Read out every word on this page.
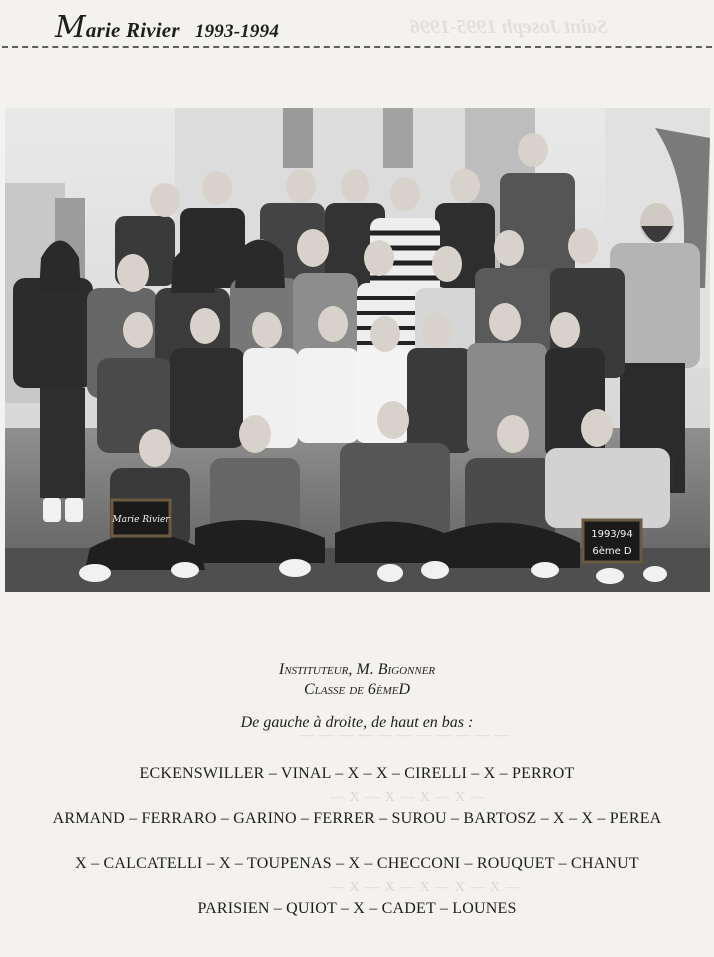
Saint Joseph 1995-1996
Marie Rivier 1993-1994
Marie Rivier
1993/94
6ème D
— — — — — — — — — — —
— X — X — X — X —
— X — X — X — X — X —
Instituteur, M. Bigonner
Classe de 6èmeD
De gauche à droite, de haut en bas :
ECKENSWILLER – VINAL – X – X – CIRELLI – X – PERROT
ARMAND – FERRARO – GARINO – FERRER – SUROU – BARTOSZ – X – X – PEREA
X – CALCATELLI – X – TOUPENAS – X – CHECCONI – ROUQUET – CHANUT
PARISIEN – QUIOT – X – CADET – LOUNES
